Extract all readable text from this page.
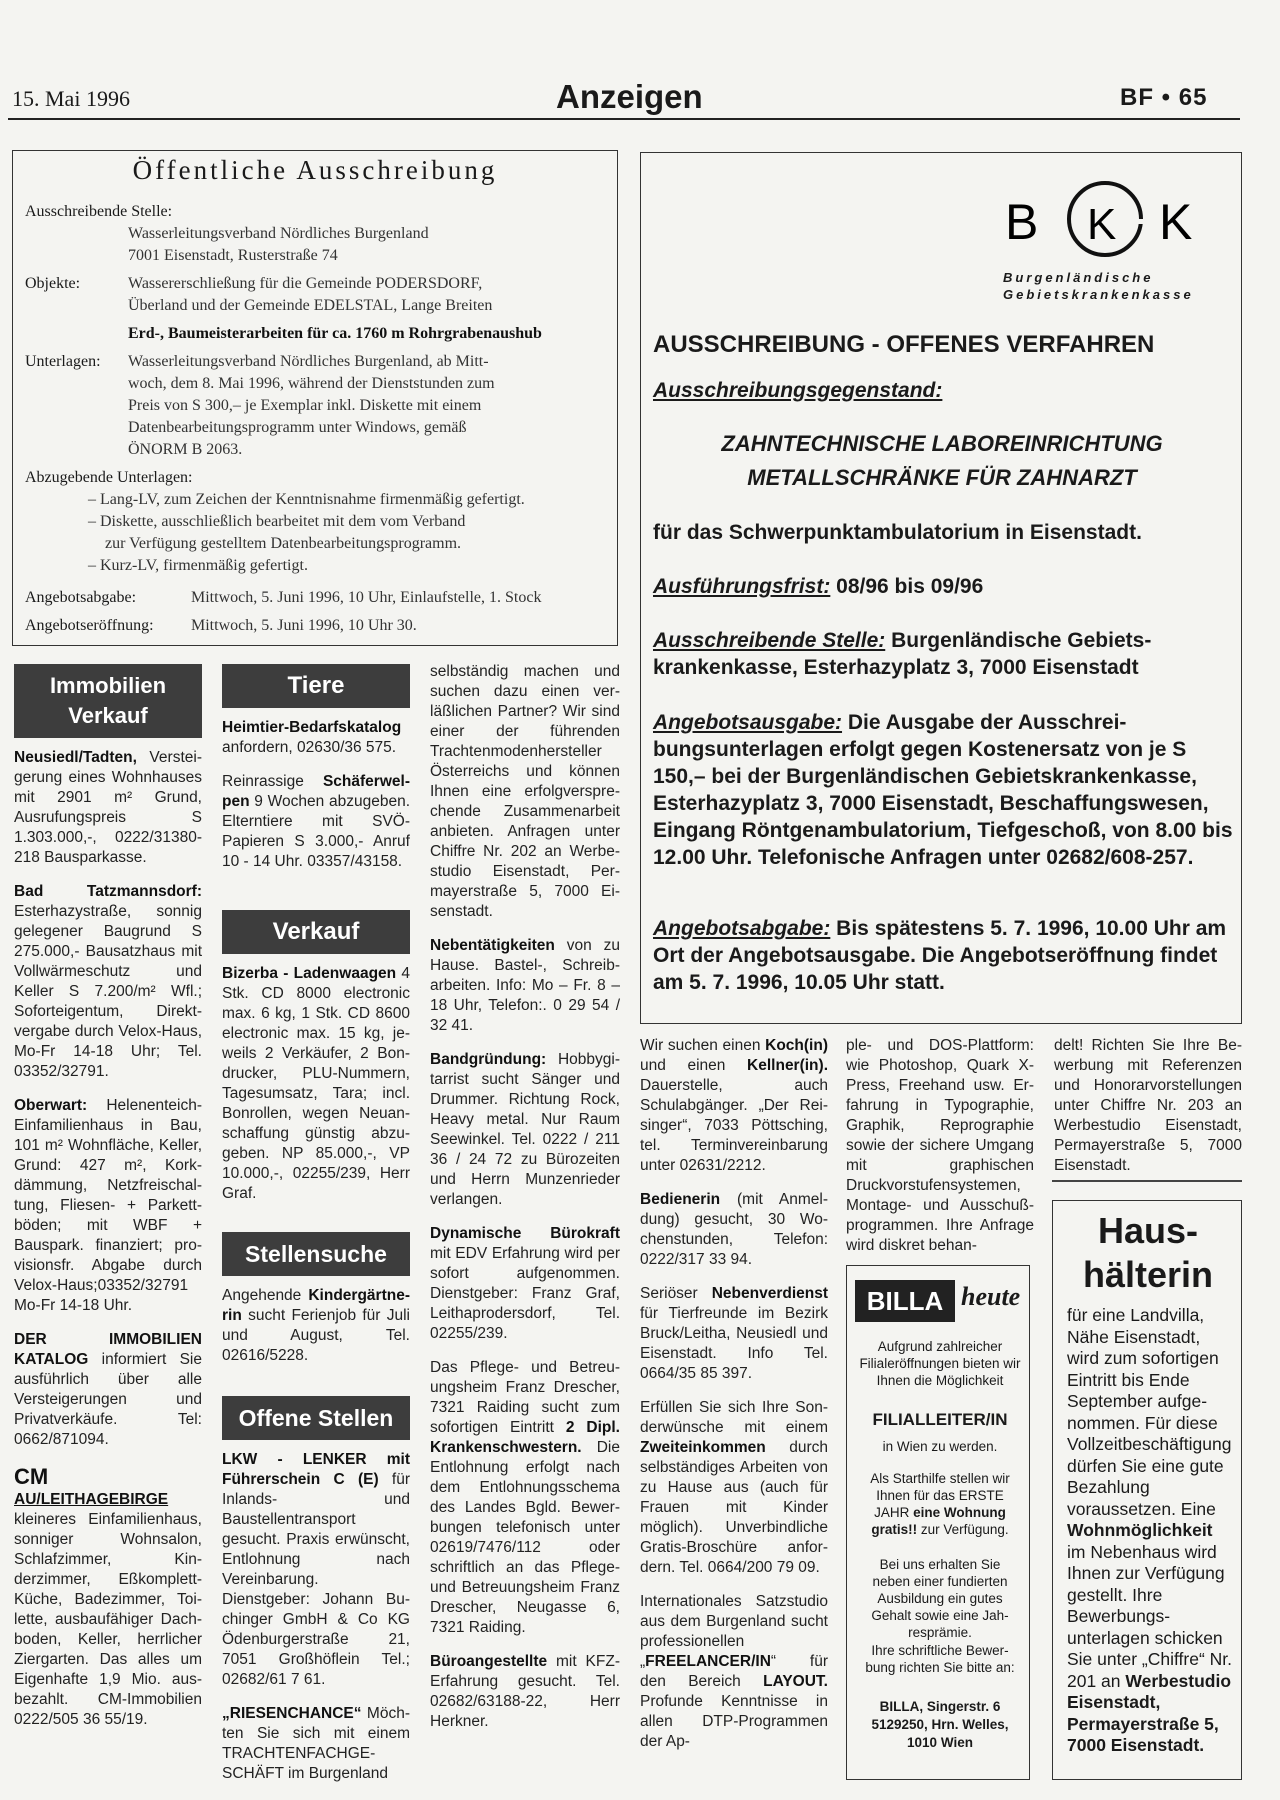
15. Mai 1996	Anzeigen	BF • 65
Öffentliche Ausschreibung
Ausschreibende Stelle:
Wasserleitungsverband Nördliches Burgenland
7001 Eisenstadt, Rusterstraße 74
Objekte:	Wassererschließung für die Gemeinde PODERSDORF,
Überland und der Gemeinde EDELSTAL, Lange Breiten
Erd-, Baumeisterarbeiten für ca. 1760 m Rohrgrabenaushub
Unterlagen: Wasserleitungsverband Nördliches Burgenland, ab Mitt-
woch, dem 8. Mai 1996, während der Dienststunden zum
Preis von S 300,– je Exemplar inkl. Diskette mit einem
Datenbearbeitungsprogramm unter Windows, gemäß
ÖNORM B 2063.
Abzugebende Unterlagen:
– Lang-LV, zum Zeichen der Kenntnisnahme firmenmäßig gefertigt.
– Diskette, ausschließlich bearbeitet mit dem vom Verband
zur Verfügung gestelltem Datenbearbeitungsprogramm.
– Kurz-LV, firmenmäßig gefertigt.
Angebotsabgabe:	Mittwoch, 5. Juni 1996, 10 Uhr, Einlaufstelle, 1. Stock
Angebotseröffnung: Mittwoch, 5. Juni 1996, 10 Uhr 30.
B K K
Burgenländische
Gebietskrankenkasse
AUSSCHREIBUNG - OFFENES VERFAHREN
Ausschreibungsgegenstand:
ZAHNTECHNISCHE LABOREINRICHTUNG
METALLSCHRÄNKE FÜR ZAHNARZT
für das Schwerpunktambulatorium in Eisenstadt.
Ausführungsfrist: 08/96 bis 09/96
Ausschreibende Stelle: Burgenländische Gebietskrankenkasse, Esterhazyplatz 3, 7000 Eisenstadt
Angebotsausgabe: Die Ausgabe der Ausschreibungsunterlagen erfolgt gegen Kostenersatz von je S 150,– bei der Burgenländischen Gebietskrankenkasse, Esterhazyplatz 3, 7000 Eisenstadt, Beschaffungswesen, Eingang Röntgenambulatorium, Tiefgeschoß, von 8.00 bis 12.00 Uhr. Telefonische Anfragen unter 02682/608-257.
Angebotsabgabe: Bis spätestens 5. 7. 1996, 10.00 Uhr am Ort der Angebotsausgabe. Die Angebotseröffnung findet am 5. 7. 1996, 10.05 Uhr statt.
Immobilien Verkauf

Neusiedl/Tadten, Versteigerung eines Wohnhauses mit 2901 m² Grund, Ausrufungspreis S 1.303.000,-, 0222/31380-218 Bausparkasse.

Bad Tatzmannsdorf: Esterhazystraße, sonnig gelegener Baugrund S 275.000,- Bausatzhaus mit Vollwärmeschutz und Keller S 7.200/m² Wfl.; Soforteigentum, Direktvergabe durch Velox-Haus, Mo-Fr 14-18 Uhr; Tel. 03352/32791.

Oberwart: Helenenteich-Einfamilienhaus in Bau, 101 m² Wohnfläche, Keller, Grund: 427 m², Korkdämmung, Netzfreischaltung, Fliesen- + Parkettböden; mit WBF + Bauspark. finanziert; provisionsfr. Abgabe durch Velox-Haus;03352/32791 Mo-Fr 14-18 Uhr.

DER IMMOBILIEN KATALOG informiert Sie ausführlich über alle Versteigerungen und Privatverkäufe. Tel: 0662/871094.

CM
AU/LEITHAGEBIRGE
kleineres Einfamilienhaus, sonniger Wohnsalon, Schlafzimmer, Kinderzimmer, Eßkomplett-Küche, Badezimmer, Toilette, ausbaufähiger Dachboden, Keller, herrlicher Ziergarten. Das alles um Eigenhafte 1,9 Mio. ausbezahlt. CM-Immobilien 0222/505 36 55/19.

Tiere

Heimtier-Bedarfskatalog anfordern, 02630/36 575.

Reinrassige Schäferwelpen 9 Wochen abzugeben. Elterntiere mit SVÖ-Papieren S 3.000,- Anruf 10 - 14 Uhr. 03357/43158.

Verkauf

Bizerba - Ladenwaagen 4 Stk. CD 8000 electronic max. 6 kg, 1 Stk. CD 8600 electronic max. 15 kg, jeweils 2 Verkäufer, 2 Bondrucker, PLU-Nummern, Tagesumsatz, Tara; incl. Bonrollen, wegen Neuanschaffung günstig abzugeben. NP 85.000,-, VP 10.000,-, 02255/239, Herr Graf.

Stellensuche

Angehende Kindergärtnerin sucht Ferienjob für Juli und August, Tel. 02616/5228.

Offene Stellen

LKW - LENKER mit Führerschein C (E) für Inlands- und Baustellentransport gesucht. Praxis erwünscht, Entlohnung nach Vereinbarung. Dienstgeber: Johann Buchinger GmbH & Co KG Ödenburgerstraße 21, 7051 Großhöflein Tel.; 02682/61 7 61.

„RIESENCHANCE“ Möchten Sie sich mit einem TRACHTENFACHGESCHÄFT im Burgenland

selbständig machen und suchen dazu einen verläßlichen Partner? Wir sind einer der führenden Trachtenmodenhersteller Österreichs und können Ihnen eine erfolgversprechende Zusammenarbeit anbieten. Anfragen unter Chiffre Nr. 202 an Werbestudio Eisenstadt, Permayerstraße 5, 7000 Eisenstadt.

Nebentätigkeiten von zu Hause. Bastel-, Schreibarbeiten. Info: Mo – Fr. 8 – 18 Uhr, Telefon:. 0 29 54 / 32 41.

Bandgründung: Hobbygitarrist sucht Sänger und Drummer. Richtung Rock, Heavy metal. Nur Raum Seewinkel. Tel. 0222 / 211 36 / 24 72 zu Bürozeiten und Herrn Munzenrieder verlangen.

Dynamische Bürokraft mit EDV Erfahrung wird per sofort aufgenommen. Dienstgeber: Franz Graf, Leithaprodersdorf, Tel. 02255/239.

Das Pflege- und Betreuungsheim Franz Drescher, 7321 Raiding sucht zum sofortigen Eintritt 2 Dipl. Krankenschwestern. Die Entlohnung erfolgt nach dem Entlohnungsschema des Landes Bgld. Bewerbungen telefonisch unter 02619/7476/112 oder schriftlich an das Pflege- und Betreuungsheim Franz Drescher, Neugasse 6, 7321 Raiding.

Büroangestellte mit KFZ-Erfahrung gesucht. Tel. 02682/63188-22, Herr Herkner.

Wir suchen einen Koch(in) und einen Kellner(in). Dauerstelle, auch Schulabgänger. „Der Reisinger“, 7033 Pöttsching, tel. Terminvereinbarung unter 02631/2212.

Bedienerin (mit Anmeldung) gesucht, 30 Wochenstunden, Telefon: 0222/317 33 94.

Seriöser Nebenverdienst für Tierfreunde im Bezirk Bruck/Leitha, Neusiedl und Eisenstadt. Info Tel. 0664/35 85 397.

Erfüllen Sie sich Ihre Sonderwünsche mit einem Zweiteinkommen durch selbständiges Arbeiten von zu Hause aus (auch für Frauen mit Kinder möglich). Unverbindliche Gratis-Broschüre anfordern. Tel. 0664/200 79 09.

Internationales Satzstudio aus dem Burgenland sucht professionellen „FREELANCER/IN“ für den Bereich LAYOUT. Profunde Kenntnisse in allen DTP-Programmen der Ap-

ple- und DOS-Plattform: wie Photoshop, Quark X-Press, Freehand usw. Erfahrung in Typographie, Graphik, Reprographie sowie der sichere Umgang mit graphischen Druckvorstufensystemen, Montage- und Ausschußprogrammen. Ihre Anfrage wird diskret behan-

BILLA heute
Aufgrund zahlreicher Filialeröffnungen bieten wir Ihnen die Möglichkeit
FILIALLEITER/IN
in Wien zu werden.
Als Starthilfe stellen wir Ihnen für das ERSTE JAHR eine Wohnung gratis!! zur Verfügung.
Bei uns erhalten Sie neben einer fundierten Ausbildung ein gutes Gehalt sowie eine Jahresprämie.
Ihre schriftliche Bewerbung richten Sie bitte an:
BILLA, Singerstr. 6
5129250, Hrn. Welles,
1010 Wien

delt! Richten Sie Ihre Bewerbung mit Referenzen und Honorarvorstellungen unter Chiffre Nr. 203 an Werbestudio Eisenstadt, Permayerstraße 5, 7000 Eisenstadt.

Haus-
hälterin
für eine Landvilla, Nähe Eisenstadt, wird zum sofortigen Eintritt bis Ende September aufgenommen. Für diese Vollzeitbeschäftigung dürfen Sie eine gute Bezahlung voraussetzen. Eine Wohnmöglichkeit im Nebenhaus wird Ihnen zur Verfügung gestellt. Ihre Bewerbungsunterlagen schicken Sie unter „Chiffre“ Nr. 201 an Werbestudio Eisenstadt, Permayerstraße 5, 7000 Eisenstadt.
